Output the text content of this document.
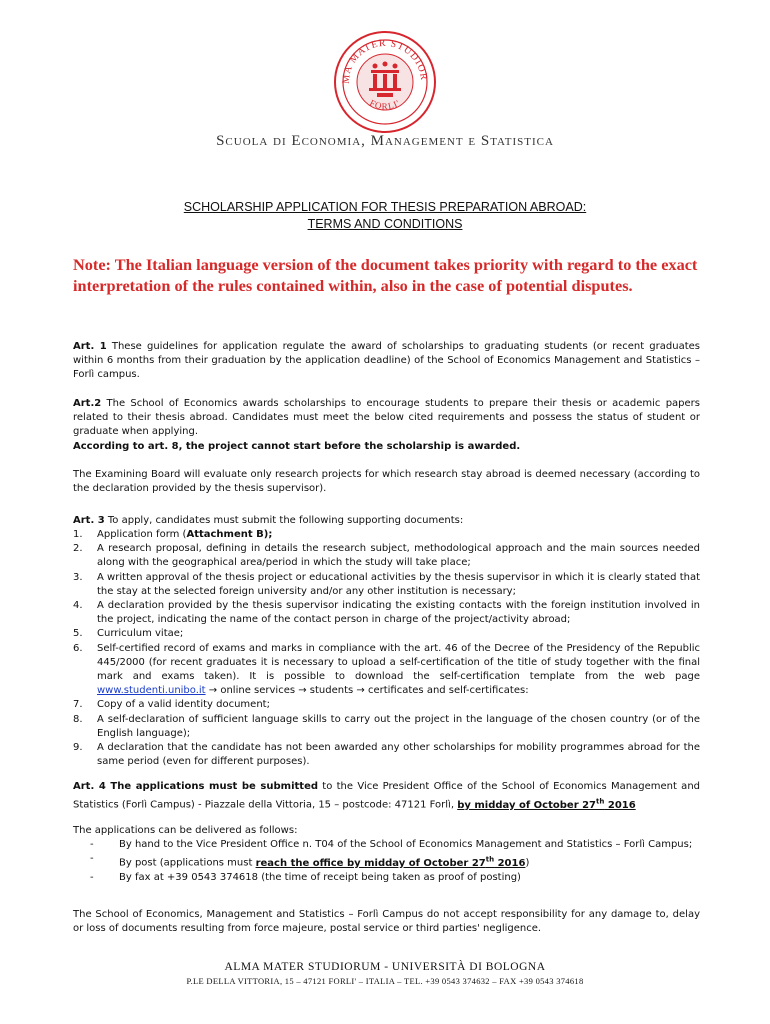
MA MATER STUDIOR
FORLI'
Scuola di Economia, Management e Statistica
SCHOLARSHIP APPLICATION FOR THESIS PREPARATION ABROAD:
TERMS AND CONDITIONS
Note: The Italian language version of the document takes priority with regard to the exact interpretation of the rules contained within, also in the case of potential disputes.
Art. 1 These guidelines for application regulate the award of scholarships to graduating students (or recent graduates within 6 months from their graduation by the application deadline) of the School of Economics Management and Statistics – Forlì campus.
Art.2 The School of Economics awards scholarships to encourage students to prepare their thesis or academic papers related to their thesis abroad. Candidates must meet the below cited requirements and possess the status of student or graduate when applying.
According to art. 8, the project cannot start before the scholarship is awarded.
The Examining Board will evaluate only research projects for which research stay abroad is deemed necessary (according to the declaration provided by the thesis supervisor).
Art. 3 To apply, candidates must submit the following supporting documents:
1. Application form (Attachment B);
2. A research proposal, defining in details the research subject, methodological approach and the main sources needed along with the geographical area/period in which the study will take place;
3. A written approval of the thesis project or educational activities by the thesis supervisor in which it is clearly stated that the stay at the selected foreign university and/or any other institution is necessary;
4. A declaration provided by the thesis supervisor indicating the existing contacts with the foreign institution involved in the project, indicating the name of the contact person in charge of the project/activity abroad;
5. Curriculum vitae;
6. Self-certified record of exams and marks in compliance with the art. 46 of the Decree of the Presidency of the Republic 445/2000 (for recent graduates it is necessary to upload a self-certification of the title of study together with the final mark and exams taken). It is possible to download the self-certification template from the web page www.studenti.unibo.it → online services → students → certificates and self-certificates:
7. Copy of a valid identity document;
8. A self-declaration of sufficient language skills to carry out the project in the language of the chosen country (or of the English language);
9. A declaration that the candidate has not been awarded any other scholarships for mobility programmes abroad for the same period (even for different purposes).
Art. 4 The applications must be submitted to the Vice President Office of the School of Economics Management and Statistics (Forlì Campus) - Piazzale della Vittoria, 15 – postcode: 47121 Forlì, by midday of October 27th 2016
The applications can be delivered as follows:
-	By hand to the Vice President Office n. T04 of the School of Economics Management and Statistics – Forlì Campus;
-	By post (applications must reach the office by midday of October 27th 2016)
-	By fax at +39 0543 374618 (the time of receipt being taken as proof of posting)
The School of Economics, Management and Statistics – Forlì Campus do not accept responsibility for any damage to, delay or loss of documents resulting from force majeure, postal service or third parties' negligence.
ALMA MATER STUDIORUM - UNIVERSITÀ DI BOLOGNA
P.LE DELLA VITTORIA, 15 – 47121 FORLI' – ITALIA – TEL. +39 0543 374632 – FAX +39 0543 374618
